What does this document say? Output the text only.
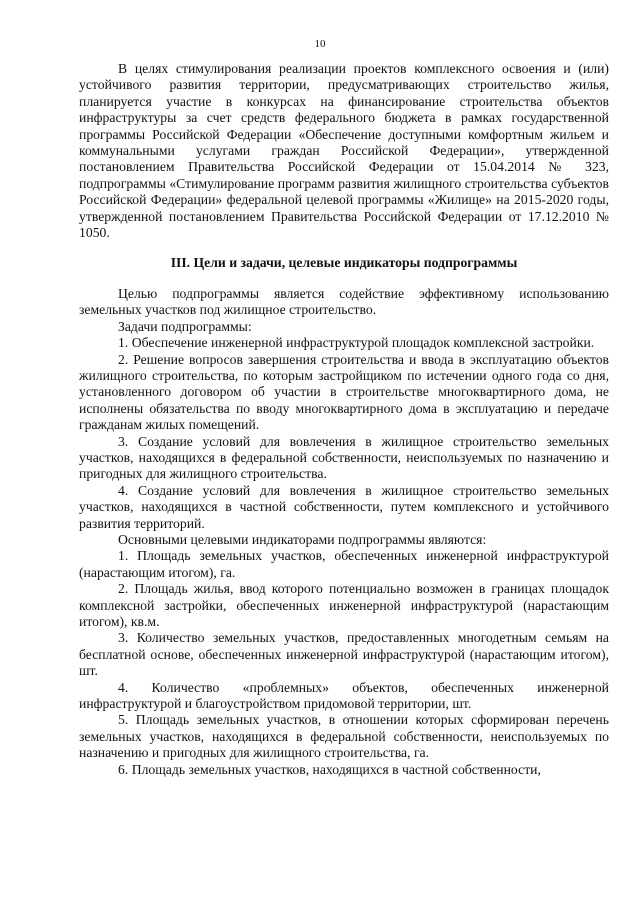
10

В целях стимулирования реализации проектов комплексного освоения и (или) устойчивого развития территории, предусматривающих строительство жилья, планируется участие в конкурсах на финансирование строительства объектов инфраструктуры за счет средств федерального бюджета в рамках государственной программы Российской Федерации «Обеспечение доступными комфортным жильем и коммунальными услугами граждан Российской Федерации», утвержденной постановлением Правительства Российской Федерации от 15.04.2014 № 323, подпрограммы «Стимулирование программ развития жилищного строительства субъектов Российской Федерации» федеральной целевой программы «Жилище» на 2015-2020 годы, утвержденной постановлением Правительства Российской Федерации от 17.12.2010 № 1050.

III. Цели и задачи, целевые индикаторы подпрограммы

Целью подпрограммы является содействие эффективному использованию земельных участков под жилищное строительство.

Задачи подпрограммы:

1. Обеспечение инженерной инфраструктурой площадок комплексной застройки.

2. Решение вопросов завершения строительства и ввода в эксплуатацию объектов жилищного строительства, по которым застройщиком по истечении одного года со дня, установленного договором об участии в строительстве многоквартирного дома, не исполнены обязательства по вводу многоквартирного дома в эксплуатацию и передаче гражданам жилых помещений.

3. Создание условий для вовлечения в жилищное строительство земельных участков, находящихся в федеральной собственности, неиспользуемых по назначению и пригодных для жилищного строительства.

4. Создание условий для вовлечения в жилищное строительство земельных участков, находящихся в частной собственности, путем комплексного и устойчивого развития территорий.

Основными целевыми индикаторами подпрограммы являются:

1. Площадь земельных участков, обеспеченных инженерной инфраструктурой (нарастающим итогом), га.

2. Площадь жилья, ввод которого потенциально возможен в границах площадок комплексной застройки, обеспеченных инженерной инфраструктурой (нарастающим итогом), кв.м.

3. Количество земельных участков, предоставленных многодетным семьям на бесплатной основе, обеспеченных инженерной инфраструктурой (нарастающим итогом), шт.

4. Количество «проблемных» объектов, обеспеченных инженерной инфраструктурой и благоустройством придомовой территории, шт.

5. Площадь земельных участков, в отношении которых сформирован перечень земельных участков, находящихся в федеральной собственности, неиспользуемых по назначению и пригодных для жилищного строительства, га.

6. Площадь земельных участков, находящихся в частной собственности,
